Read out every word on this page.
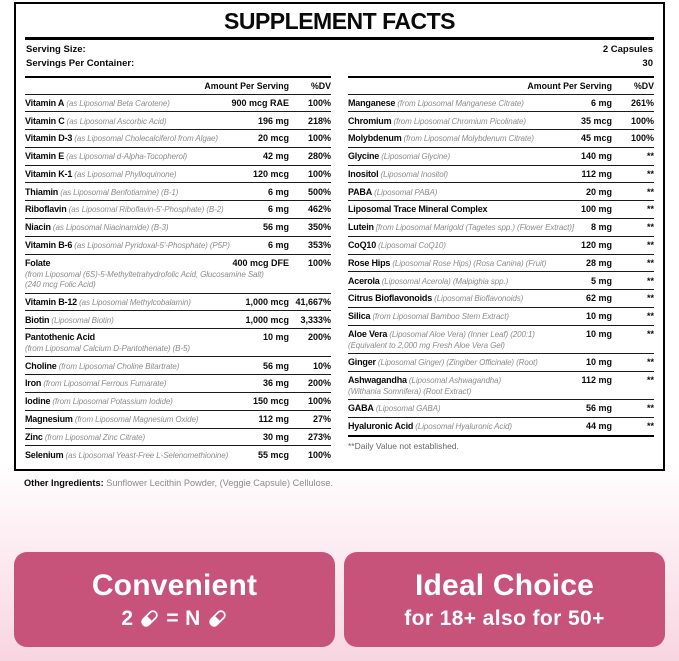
SUPPLEMENT FACTS
Serving Size:	2 Capsules
Servings Per Container:	30
Amount Per Serving	%DV
Vitamin A (as Liposomal Beta Carotene)	900 mcg RAE	100%
Vitamin C (as Liposomal Ascorbic Acid)	196 mg	218%
Vitamin D-3 (as Liposomal Cholecalciferol from Algae)	20 mcg	100%
Vitamin E (as Liposomal d-Alpha-Tocopherol)	42 mg	280%
Vitamin K-1 (as Liposomal Phylloquinone)	120 mcg	100%
Thiamin (as Liposomal Benfotiamine) (B-1)	6 mg	500%
Riboflavin (as Liposomal Riboflavin-5'-Phosphate) (B-2)	6 mg	462%
Niacin (as Liposomal Niacinamide) (B-3)	56 mg	350%
Vitamin B-6 (as Liposomal Pyridoxal-5'-Phosphate) (P5P)	6 mg	353%
Folate	400 mcg DFE	100%
(from Liposomal (6S)-5-Methyltetrahydrofolic Acid, Glucosamine Salt)
(240 mcg Folic Acid)
Vitamin B-12 (as Liposomal Methylcobalamin)	1,000 mcg 41,667%
Biotin (Liposomal Biotin)	1,000 mcg	3,333%
Pantothenic Acid	10 mg	200%
(from Liposomal Calcium D-Pantothenate) (B-5)
Choline (from Liposomal Choline Bitartrate)	56 mg	10%
Iron (from Liposomal Ferrous Fumarate)	36 mg	200%
Iodine (from Liposomal Potassium Iodide)	150 mcg	100%
Magnesium (from Liposomal Magnesium Oxide)	112 mg	27%
Zinc (from Liposomal Zinc Citrate)	30 mg	273%
Selenium (as Liposomal Yeast-Free L-Selenomethionine)	55 mcg	100%
Amount Per Serving	%DV
Manganese (from Liposomal Manganese Citrate)	6 mg	261%
Chromium (from Liposomal Chromium Picolinate)	35 mcg	100%
Molybdenum (from Liposomal Molybdenum Citrate)	45 mcg	100%
Glycine (Liposomal Glycine)	140 mg	**
Inositol (Liposomal Inositol)	112 mg	**
PABA (Liposomal PABA)	20 mg	**
Liposomal Trace Mineral Complex	100 mg	**
Lutein [from Liposomal Marigold (Tagetes spp.) (Flower Extract)]	8 mg	**
CoQ10 (Liposomal CoQ10)	120 mg	**
Rose Hips (Liposomal Rose Hips) (Rosa Canina) (Fruit)	28 mg	**
Acerola (Liposomal Acerola) (Malpighia spp.)	5 mg	**
Citrus Bioflavonoids (Liposomal Bioflavonoids)	62 mg	**
Silica (from Liposomal Bamboo Stem Extract)	10 mg	**
Aloe Vera (Liposomal Aloe Vera) (Inner Leaf) (200:1)	10 mg	**
(Equivalent to 2,000 mg Fresh Aloe Vera Gel)
Ginger (Liposomal Ginger) (Zingiber Officinale) (Root)	10 mg	**
Ashwagandha (Liposomal Ashwagandha)	112 mg	**
(Withania Somnifera) (Root Extract)
GABA (Liposomal GABA)	56 mg	**
Hyaluronic Acid (Liposomal Hyaluronic Acid)	44 mg	**
**Daily Value not established.
Other Ingredients: Sunflower Lecithin Powder, (Veggie Capsule) Cellulose.
Convenient
2 = N
Ideal Choice
for 18+ also for 50+
